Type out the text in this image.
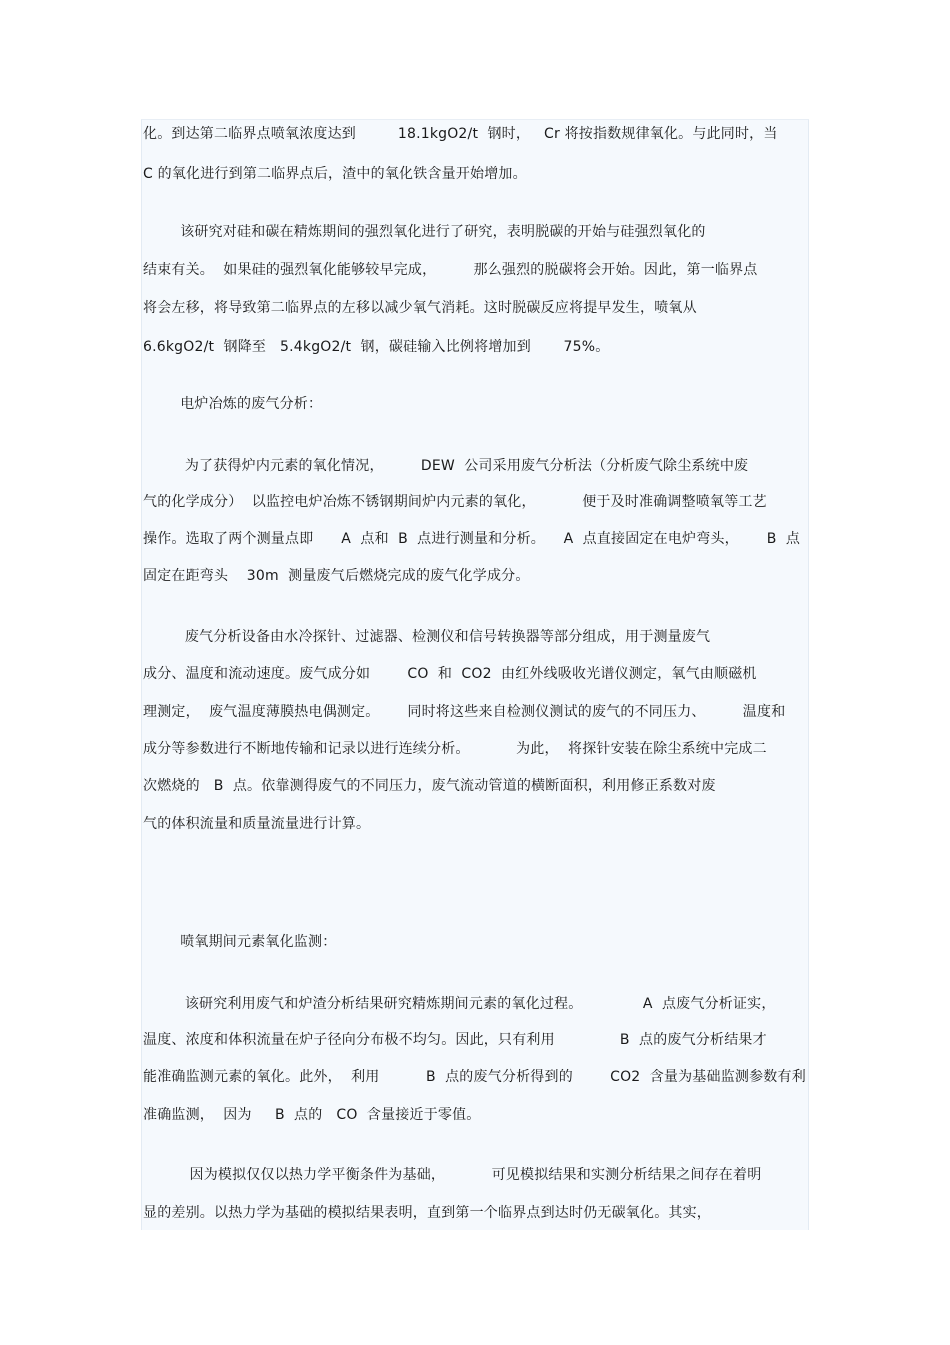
化。到达第二临界点喷氧浓度达到         18.1kgO2/t  钢时，   Cr 将按指数规律氧化。与此同时，当
C 的氧化进行到第二临界点后，渣中的氧化铁含量开始增加。
该研究对硅和碳在精炼期间的强烈氧化进行了研究，表明脱碳的开始与硅强烈氧化的
结束有关。  如果硅的强烈氧化能够较早完成，        那么强烈的脱碳将会开始。因此，第一临界点
将会左移，将导致第二临界点的左移以减少氧气消耗。这时脱碳反应将提早发生，喷氧从
6.6kgO2/t  钢降至   5.4kgO2/t  钢，碳硅输入比例将增加到       75%。
电炉冶炼的废气分析：
为了获得炉内元素的氧化情况，        DEW  公司采用废气分析法（分析废气除尘系统中废
气的化学成分）  以监控电炉冶炼不锈钢期间炉内元素的氧化，          便于及时准确调整喷氧等工艺
操作。选取了两个测量点即      A  点和  B  点进行测量和分析。    A  点直接固定在电炉弯头，      B  点
固定在距弯头    30m  测量废气后燃烧完成的废气化学成分。
废气分析设备由水冷探针、过滤器、检测仪和信号转换器等部分组成，用于测量废气
成分、温度和流动速度。废气成分如        CO  和  CO2  由红外线吸收光谱仪测定，氧气由顺磁机
理测定，  废气温度薄膜热电偶测定。      同时将这些来自检测仪测试的废气的不同压力、        温度和
成分等参数进行不断地传输和记录以进行连续分析。          为此，  将探针安装在除尘系统中完成二
次燃烧的   B  点。依靠测得废气的不同压力，废气流动管道的横断面积，利用修正系数对废
气的体积流量和质量流量进行计算。
喷氧期间元素氧化监测：
该研究利用废气和炉渣分析结果研究精炼期间元素的氧化过程。             A  点废气分析证实，
温度、浓度和体积流量在炉子径向分布极不均匀。因此，只有利用              B  点的废气分析结果才
能准确监测元素的氧化。此外，  利用          B  点的废气分析得到的        CO2  含量为基础监测参数有利
准确监测，  因为     B  点的   CO  含量接近于零值。
因为模拟仅仅以热力学平衡条件为基础，          可见模拟结果和实测分析结果之间存在着明
显的差别。以热力学为基础的模拟结果表明，直到第一个临界点到达时仍无碳氧化。其实，
